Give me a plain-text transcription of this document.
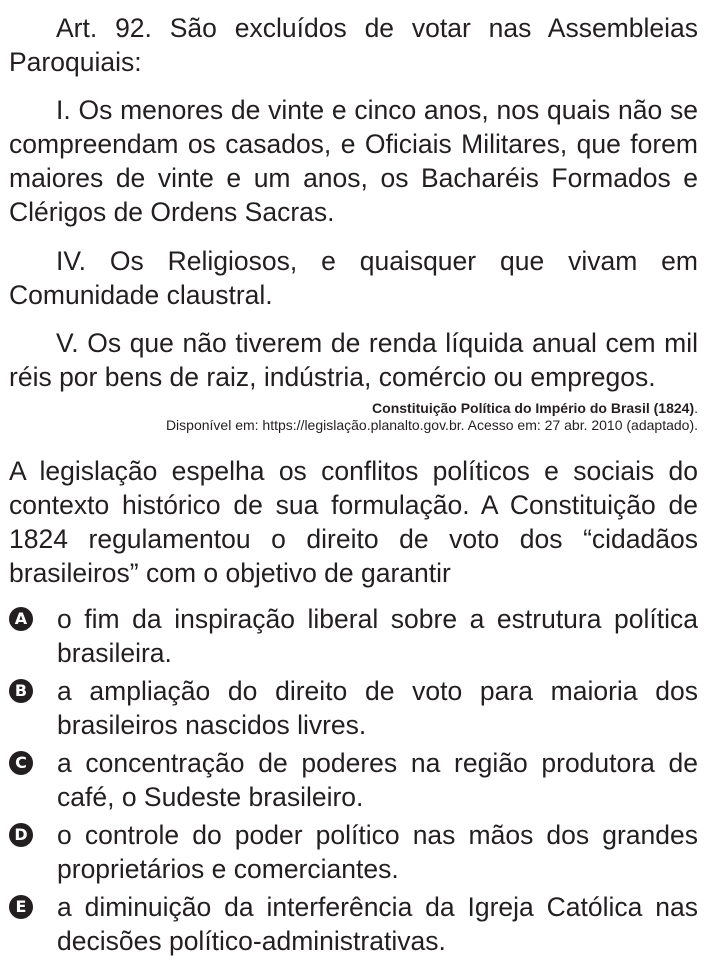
Art. 92. São excluídos de votar nas Assembleias Paroquiais:

I. Os menores de vinte e cinco anos, nos quais não se compreendam os casados, e Oficiais Militares, que forem maiores de vinte e um anos, os Bacharéis Formados e Clérigos de Ordens Sacras.

IV. Os Religiosos, e quaisquer que vivam em Comunidade claustral.

V. Os que não tiverem de renda líquida anual cem mil réis por bens de raiz, indústria, comércio ou empregos.

Constituição Política do Império do Brasil (1824).
Disponível em: https://legislação.planalto.gov.br. Acesso em: 27 abr. 2010 (adaptado).

A legislação espelha os conflitos políticos e sociais do contexto histórico de sua formulação. A Constituição de 1824 regulamentou o direito de voto dos “cidadãos brasileiros” com o objetivo de garantir

A o fim da inspiração liberal sobre a estrutura política brasileira.
B a ampliação do direito de voto para maioria dos brasileiros nascidos livres.
C a concentração de poderes na região produtora de café, o Sudeste brasileiro.
D o controle do poder político nas mãos dos grandes proprietários e comerciantes.
E a diminuição da interferência da Igreja Católica nas decisões político-administrativas.
